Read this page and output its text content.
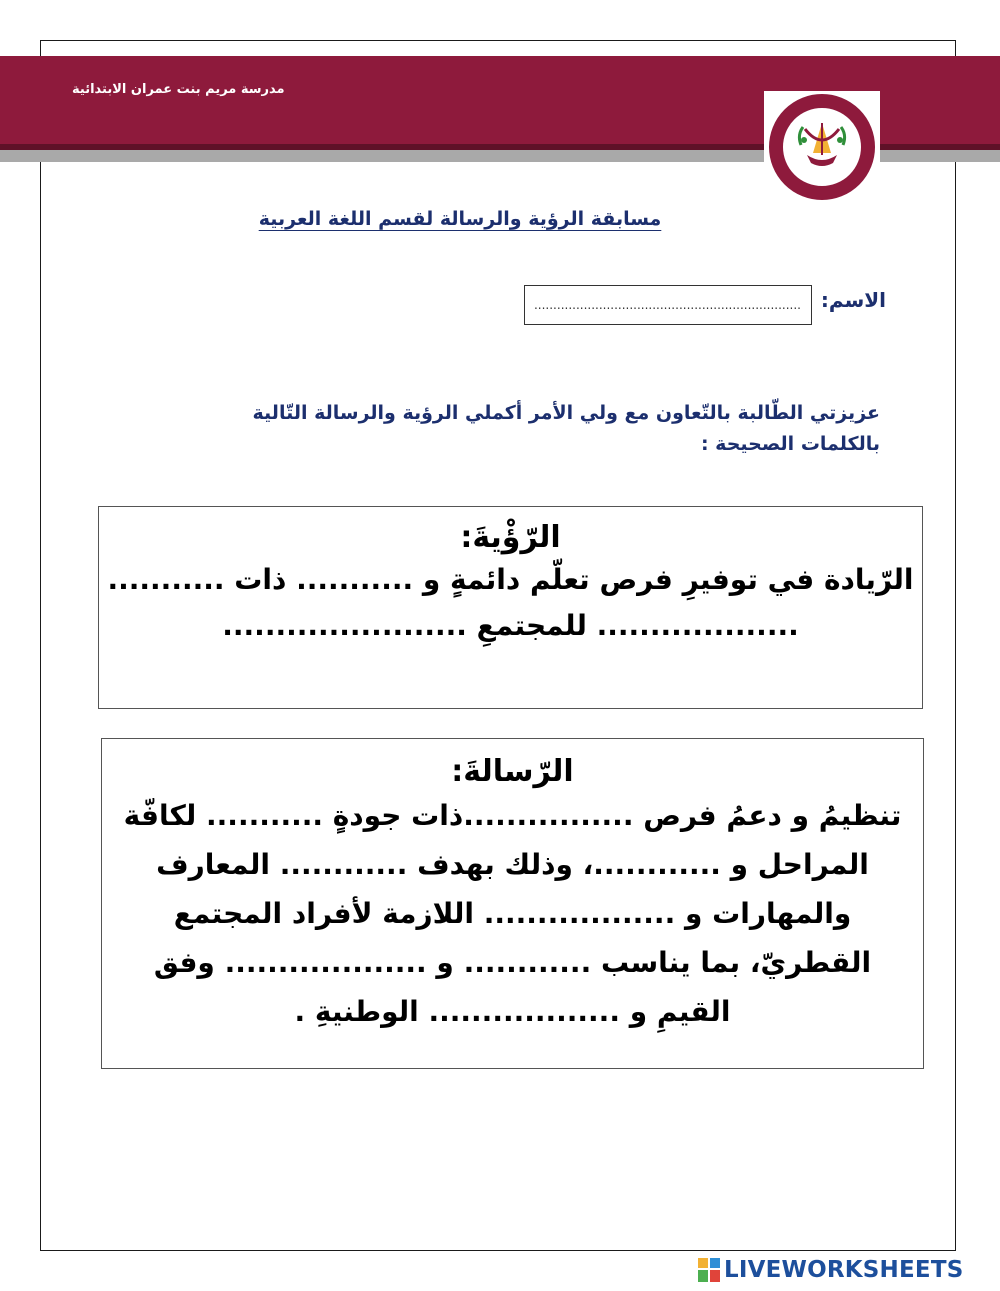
مدرسة مريم بنت عمران الابتدائية
مسابقة الرؤية والرسالة لقسم اللغة العربية
الاسم:
........................................................................
عزيزتي الطّالبة بالتّعاون مع ولي الأمر أكملي الرؤية والرسالة التّالية
بالكلمات الصحيحة :
الرّؤْيةَ:
الرّيادة في توفيرِ فرص تعلّم دائمةٍ و ........... ذات ...........
................... للمجتمعِ .......................
الرّسالةَ:
تنظيمُ و دعمُ فرص ................ذات جودةٍ ........... لكافّة
المراحل و ............، وذلك بهدف ............ المعارف
والمهارات و .................. اللازمة لأفراد المجتمع
القطريّ، بما يناسب ............ و ................... وفق
القيمِ و .................. الوطنيةِ .
LIVEWORKSHEETS
